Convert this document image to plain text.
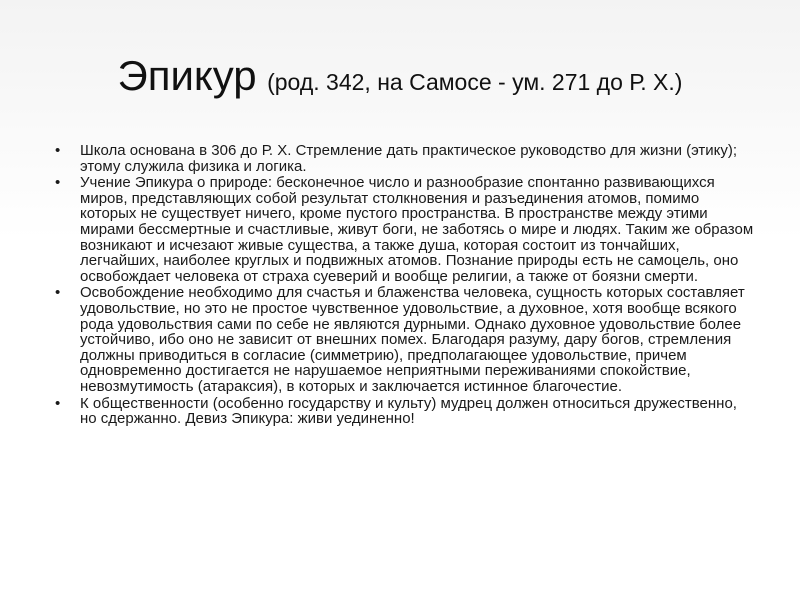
Эпикур (род. 342, на Самосе - ум. 271 до Р. Х.)
• Школа основана в 306 до Р. Х. Стремление дать практическое руководство для жизни (этику); этому служила физика и логика.
• Учение Эпикура о природе: бесконечное число и разнообразие спонтанно развивающихся миров, представляющих собой результат столкновения и разъединения атомов, помимо которых не существует ничего, кроме пустого пространства. В пространстве между этими мирами бессмертные и счастливые, живут боги, не заботясь о мире и людях. Таким же образом возникают и исчезают живые существа, а также душа, которая состоит из тончайших, легчайших, наиболее круглых и подвижных атомов. Познание природы есть не самоцель, оно освобождает человека от страха суеверий и вообще религии, а также от боязни смерти.
• Освобождение необходимо для счастья и блаженства человека, сущность которых составляет удовольствие, но это не простое чувственное удовольствие, а духовное, хотя вообще всякого рода удовольствия сами по себе не являются дурными. Однако духовное удовольствие более устойчиво, ибо оно не зависит от внешних помех. Благодаря разуму, дару богов, стремления должны приводиться в согласие (симметрию), предполагающее удовольствие, причем одновременно достигается не нарушаемое неприятными переживаниями спокойствие, невозмутимость (атараксия), в которых и заключается истинное благочестие.
• К общественности (особенно государству и культу) мудрец должен относиться дружественно, но сдержанно. Девиз Эпикура: живи уединенно!
